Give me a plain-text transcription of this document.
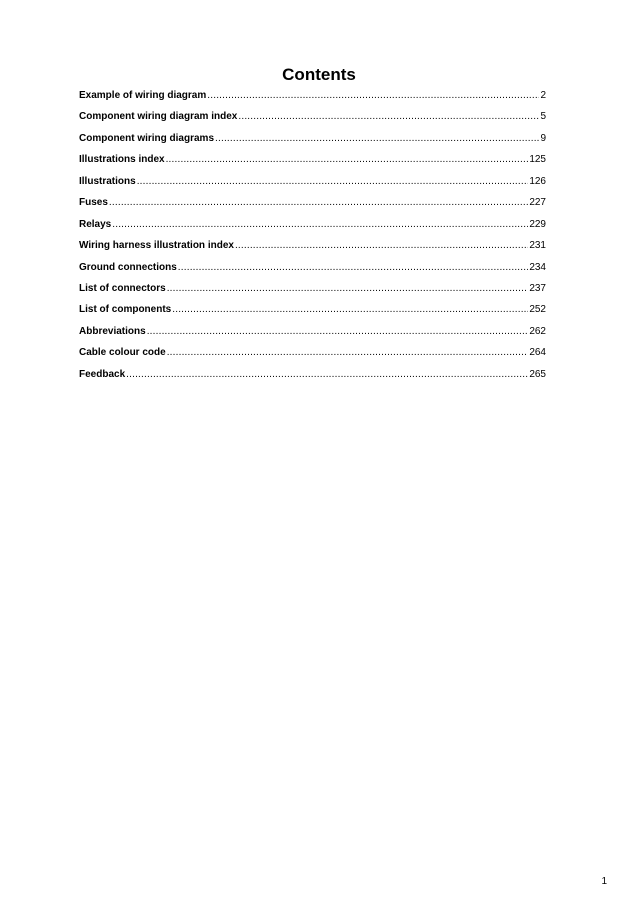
Contents
Example of wiring diagram .....	2
Component wiring diagram index .....	5
Component wiring diagrams .....	9
Illustrations index .....	125
Illustrations .....	126
Fuses .....	227
Relays .....	229
Wiring harness illustration index .....	231
Ground connections .....	234
List of connectors .....	237
List of components .....	252
Abbreviations .....	262
Cable colour code .....	264
Feedback .....	265
1
